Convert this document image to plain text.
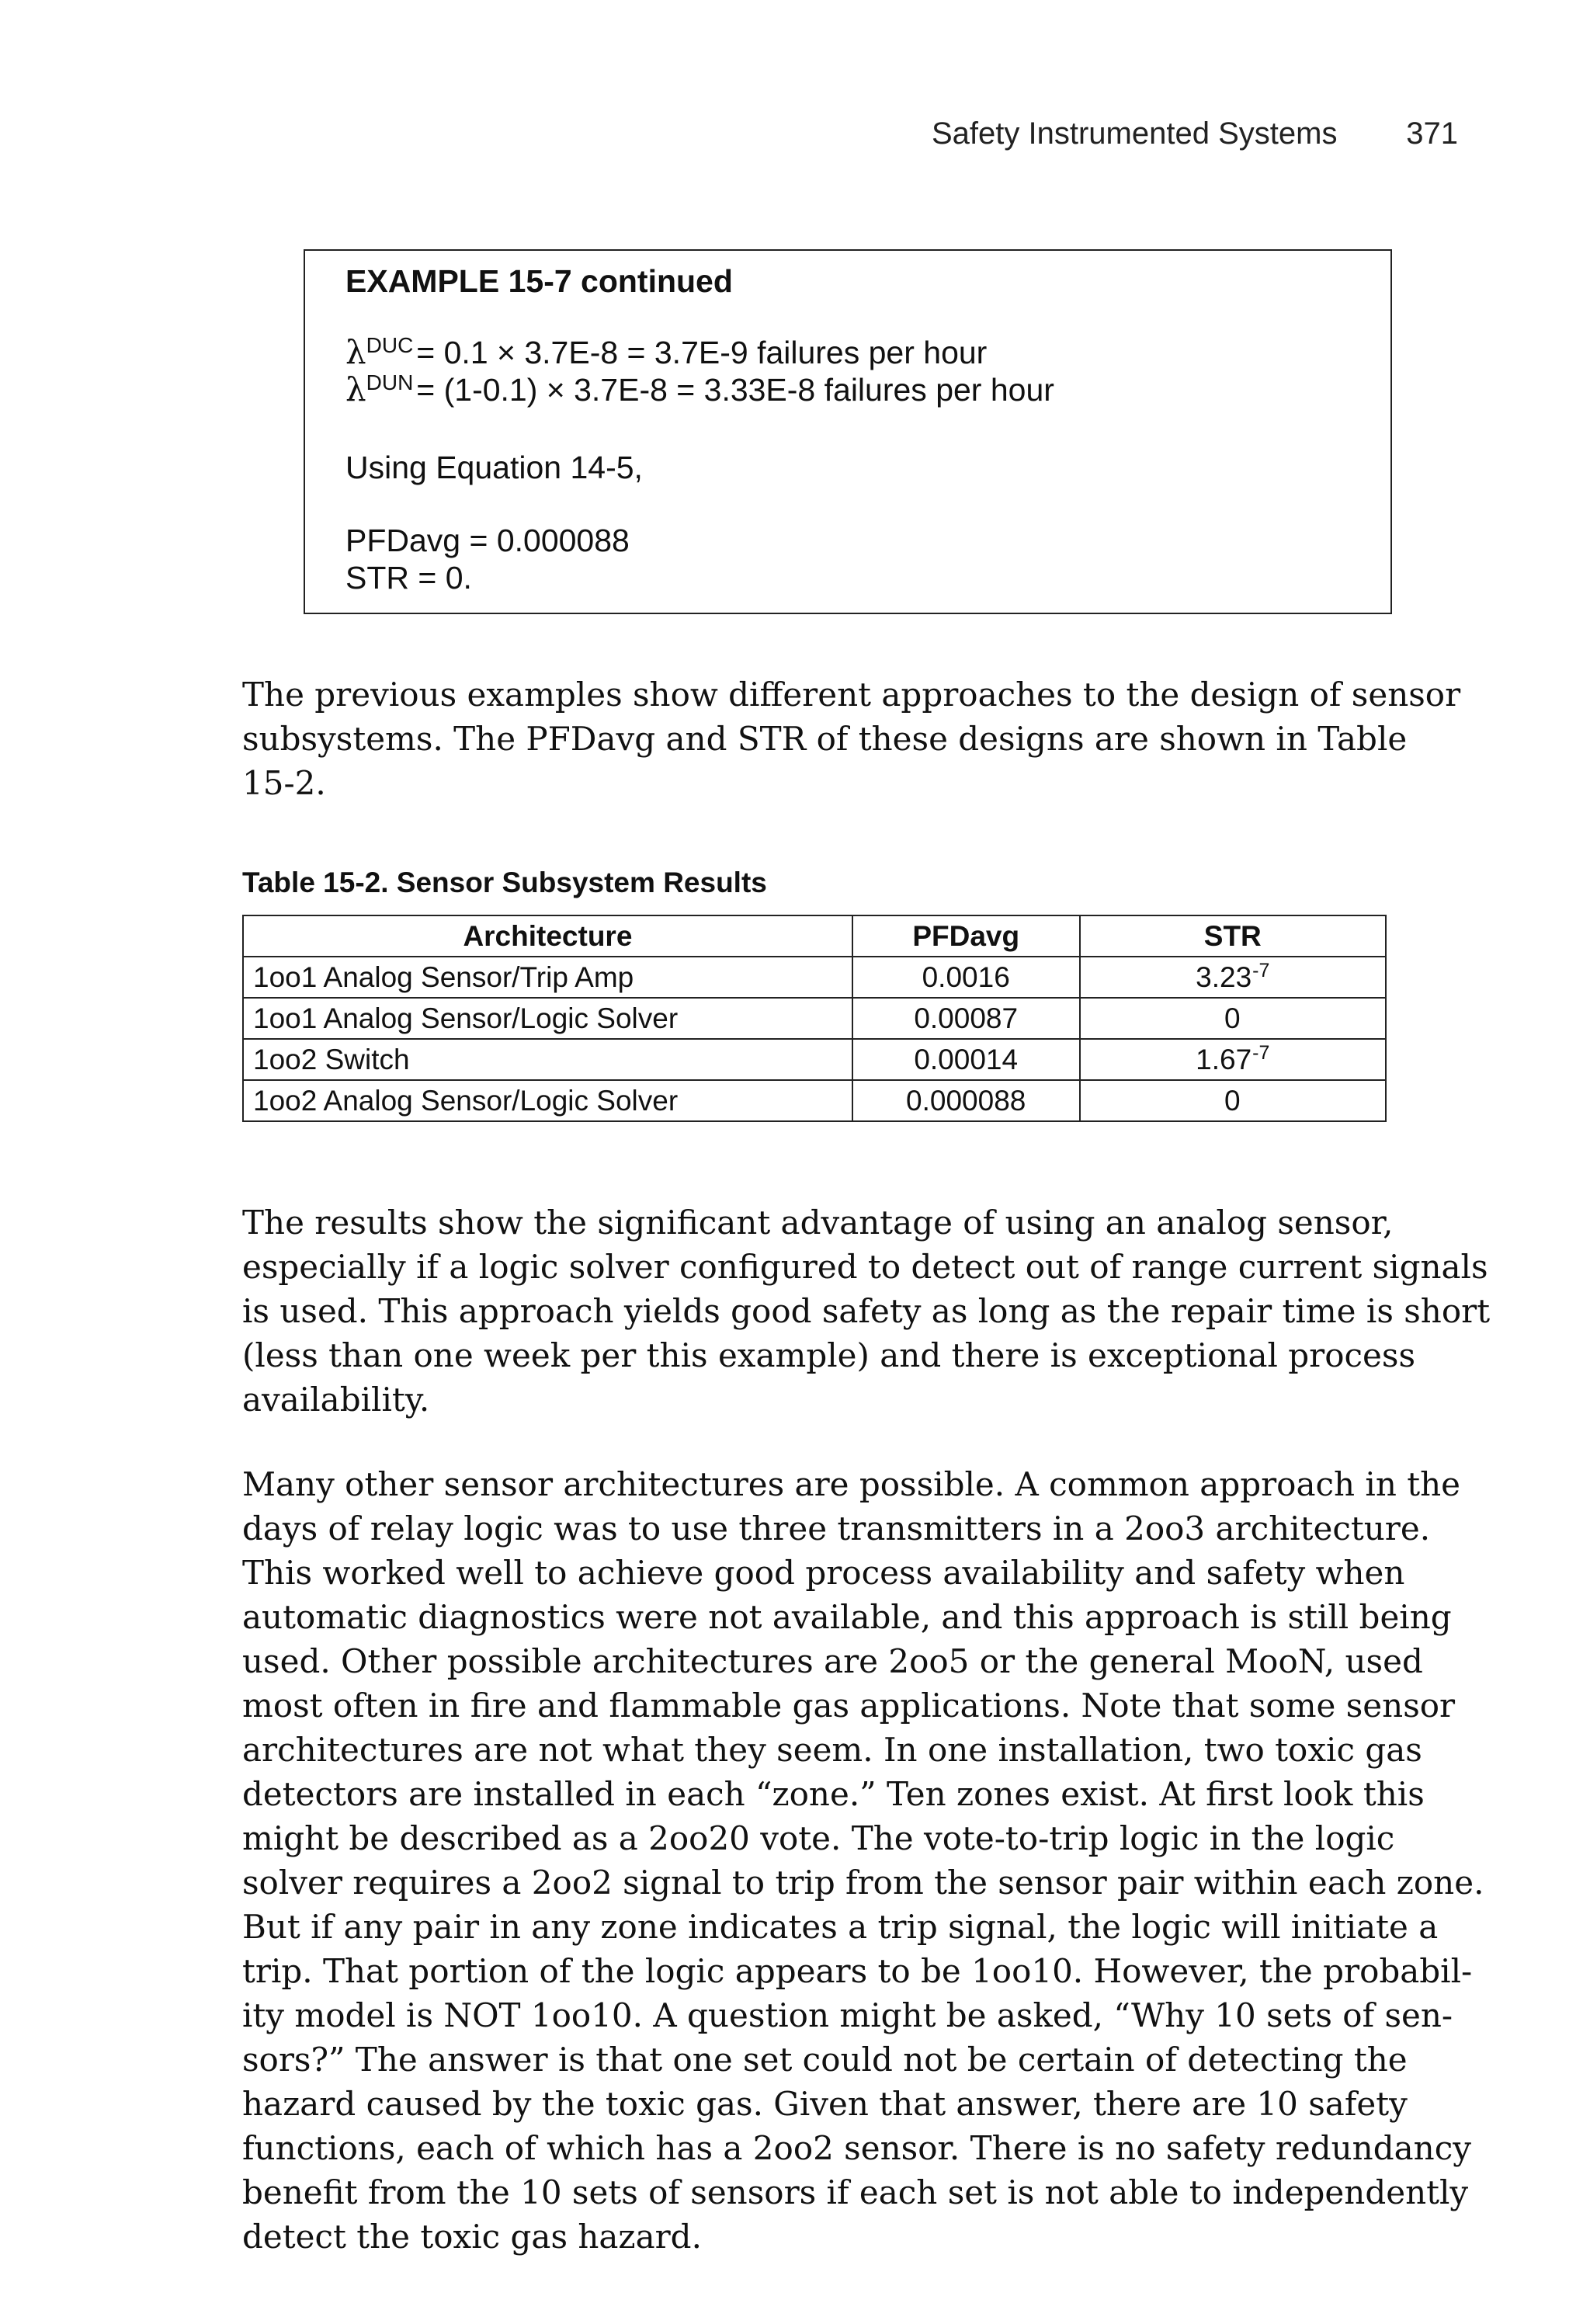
Safety Instrumented Systems 371
EXAMPLE 15-7 continued
$\lambda^{DUC}= 0.1 \times 3.7E-8 = 3.7E-9$ failures per hour
$\lambda^{DUN}= (1-0.1) \times 3.7E-8 = 3.33E-8$ failures per hour
Using Equation 14-5,
PFDavg = 0.000088
STR = 0.
The previous examples show different approaches to the design of sensor
subsystems. The PFDavg and STR of these designs are shown in Table
15-2.
Table 15-2. Sensor Subsystem Results
Architecture	PFDavg	STR
1oo1 Analog Sensor/Trip Amp	0.0016	$3.23^{-7}$
1oo1 Analog Sensor/Logic Solver	0.00087	0
1oo2 Switch	0.00014	$1.67^{-7}$
1oo2 Analog Sensor/Logic Solver	0.000088	0
The results show the significant advantage of using an analog sensor,
especially if a logic solver configured to detect out of range current signals
is used. This approach yields good safety as long as the repair time is short
(less than one week per this example) and there is exceptional process
availability.
Many other sensor architectures are possible. A common approach in the
days of relay logic was to use three transmitters in a 2oo3 architecture.
This worked well to achieve good process availability and safety when
automatic diagnostics were not available, and this approach is still being
used. Other possible architectures are 2oo5 or the general MooN, used
most often in fire and flammable gas applications. Note that some sensor
architectures are not what they seem. In one installation, two toxic gas
detectors are installed in each “zone.” Ten zones exist. At first look this
might be described as a 2oo20 vote. The vote-to-trip logic in the logic
solver requires a 2oo2 signal to trip from the sensor pair within each zone.
But if any pair in any zone indicates a trip signal, the logic will initiate a
trip. That portion of the logic appears to be 1oo10. However, the probabil-
ity model is NOT 1oo10. A question might be asked, “Why 10 sets of sen-
sors?” The answer is that one set could not be certain of detecting the
hazard caused by the toxic gas. Given that answer, there are 10 safety
functions, each of which has a 2oo2 sensor. There is no safety redundancy
benefit from the 10 sets of sensors if each set is not able to independently
detect the toxic gas hazard.
